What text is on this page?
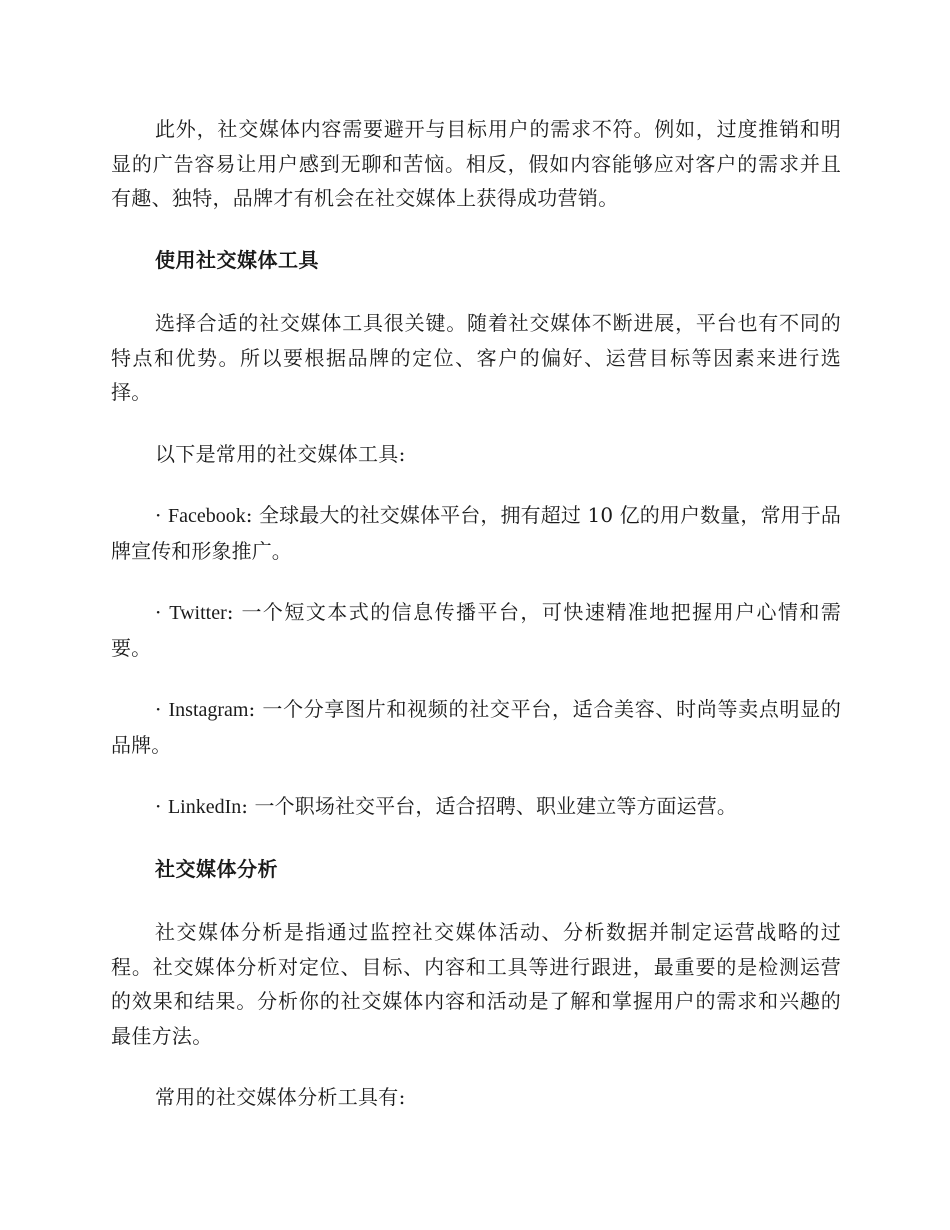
此外，社交媒体内容需要避开与目标用户的需求不符。例如，过度推销和明显的广告容易让用户感到无聊和苦恼。相反，假如内容能够应对客户的需求并且有趣、独特，品牌才有机会在社交媒体上获得成功营销。

使用社交媒体工具

选择合适的社交媒体工具很关键。随着社交媒体不断进展，平台也有不同的特点和优势。所以要根据品牌的定位、客户的偏好、运营目标等因素来进行选择。

以下是常用的社交媒体工具:

· Facebook: 全球最大的社交媒体平台，拥有超过 10 亿的用户数量，常用于品牌宣传和形象推广。

· Twitter: 一个短文本式的信息传播平台，可快速精准地把握用户心情和需要。

· Instagram: 一个分享图片和视频的社交平台，适合美容、时尚等卖点明显的品牌。

· LinkedIn: 一个职场社交平台，适合招聘、职业建立等方面运营。

社交媒体分析

社交媒体分析是指通过监控社交媒体活动、分析数据并制定运营战略的过程。社交媒体分析对定位、目标、内容和工具等进行跟进，最重要的是检测运营的效果和结果。分析你的社交媒体内容和活动是了解和掌握用户的需求和兴趣的最佳方法。

常用的社交媒体分析工具有:
